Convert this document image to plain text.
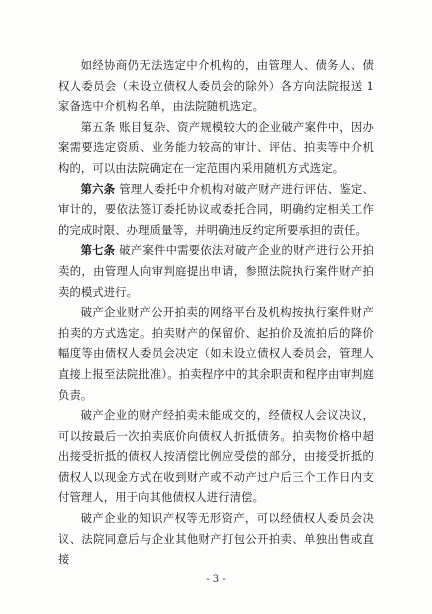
如经协商仍无法选定中介机构的，由管理人、债务人、债权人委员会（未设立债权人委员会的除外）各方向法院报送 1 家备选中介机构名单，由法院随机选定。

第五条 账目复杂、资产规模较大的企业破产案件中，因办案需要选定资质、业务能力较高的审计、评估、拍卖等中介机构的，可以由法院确定在一定范围内采用随机方式选定。

第六条 管理人委托中介机构对破产财产进行评估、鉴定、审计的，要依法签订委托协议或委托合同，明确约定相关工作的完成时限、办理质量等，并明确违反约定所要承担的责任。

第七条 破产案件中需要依法对破产企业的财产进行公开拍卖的，由管理人向审判庭提出申请，参照法院执行案件财产拍卖的模式进行。

破产企业财产公开拍卖的网络平台及机构按执行案件财产拍卖的方式选定。拍卖财产的保留价、起拍价及流拍后的降价幅度等由债权人委员会决定（如未设立债权人委员会，管理人直接上报至法院批准）。拍卖程序中的其余职责和程序由审判庭负责。

破产企业的财产经拍卖未能成交的，经债权人会议决议，可以按最后一次拍卖底价向债权人折抵债务。拍卖物价格中超出接受折抵的债权人按清偿比例应受偿的部分，由接受折抵的债权人以现金方式在收到财产或不动产过户后三个工作日内支付管理人，用于向其他债权人进行清偿。

破产企业的知识产权等无形资产，可以经债权人委员会决议、法院同意后与企业其他财产打包公开拍卖、单独出售或直接

- 3 -
